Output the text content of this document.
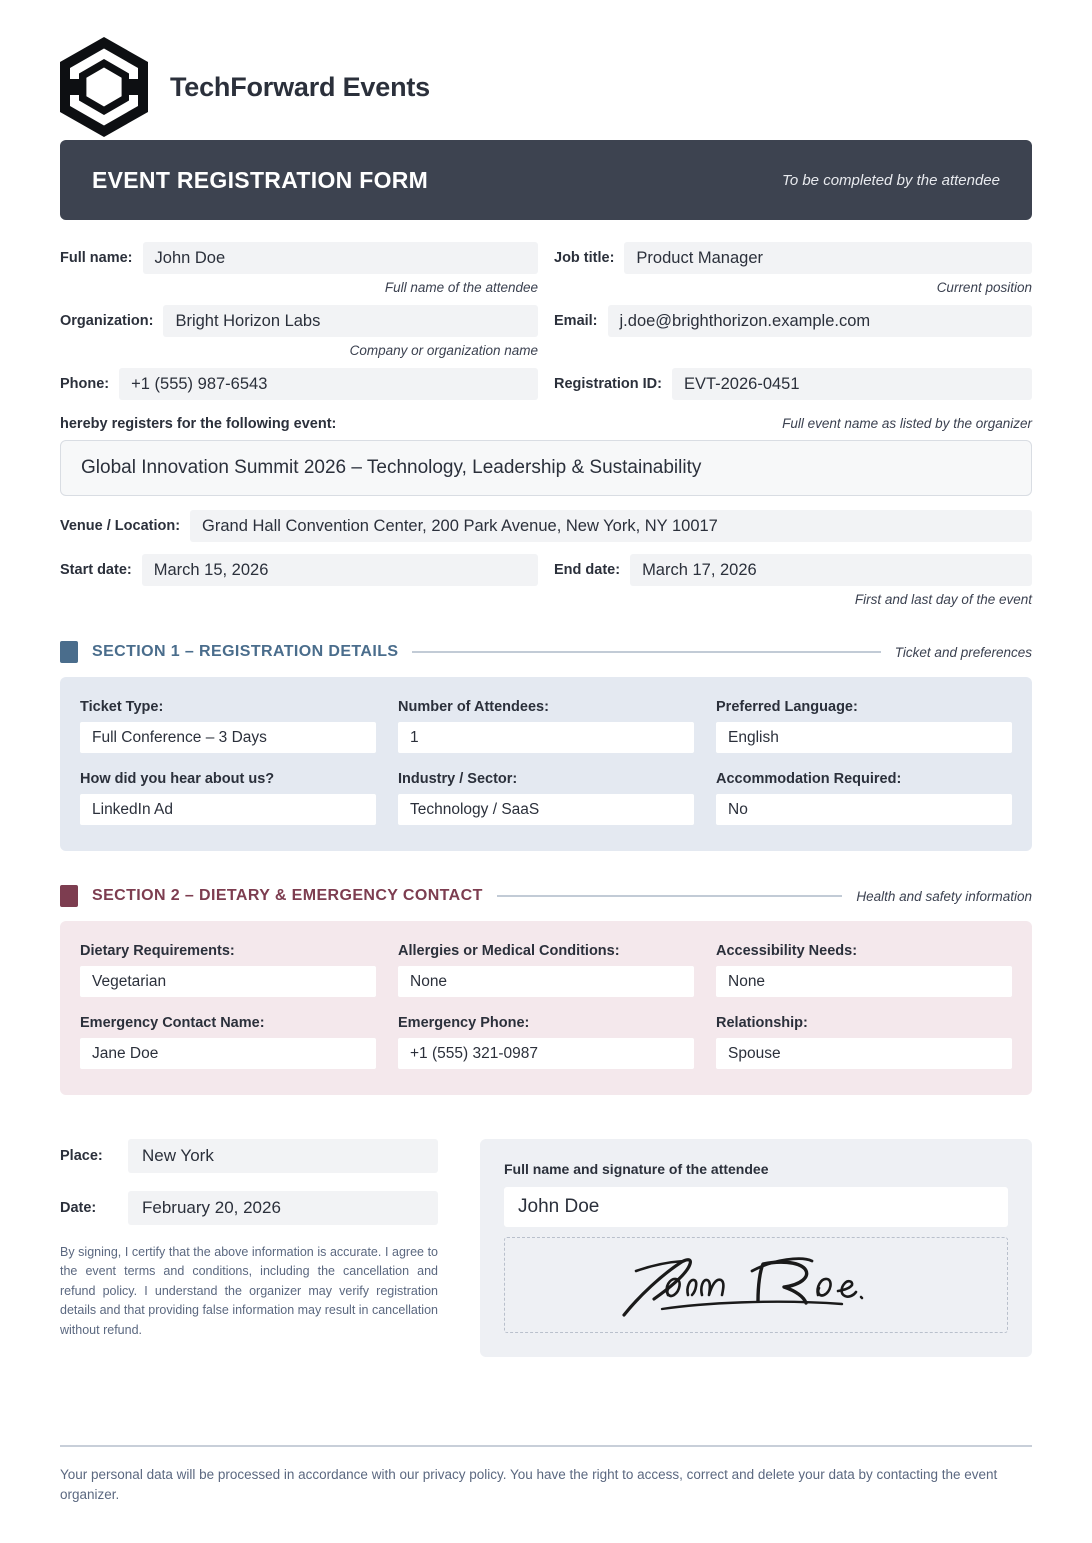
TechForward Events
EVENT REGISTRATION FORM	To be completed by the attendee
Full name:	John Doe
Full name of the attendee
Job title:	Product Manager
Current position
Organization:	Bright Horizon Labs
Company or organization name
Email:	j.doe@brighthorizon.example.com
Phone:	+1 (555) 987-6543	Registration ID:	EVT-2026-0451
hereby registers for the following event:	Full event name as listed by the organizer
Global Innovation Summit 2026 – Technology, Leadership & Sustainability
Venue / Location:	Grand Hall Convention Center, 200 Park Avenue, New York, NY 10017
Start date:	March 15, 2026	End date:	March 17, 2026
First and last day of the event
SECTION 1 – REGISTRATION DETAILS	Ticket and preferences
Ticket Type:
Full Conference – 3 Days
Number of Attendees:
1
Preferred Language:
English
How did you hear about us?
LinkedIn Ad
Industry / Sector:
Technology / SaaS
Accommodation Required:
No
SECTION 2 – DIETARY & EMERGENCY CONTACT	Health and safety information
Dietary Requirements:
Vegetarian
Allergies or Medical Conditions:
None
Accessibility Needs:
None
Emergency Contact Name:
Jane Doe
Emergency Phone:
+1 (555) 321-0987
Relationship:
Spouse
Place:	New York
Date:	February 20, 2026

By signing, I certify that the above information is accurate. I agree to the event terms and conditions, including the cancellation and refund policy. I understand the organizer may verify registration details and that providing false information may result in cancellation without refund.

Full name and signature of the attendee
John Doe

Your personal data will be processed in accordance with our privacy policy. You have the right to access, correct and delete your data by contacting the event organizer.
